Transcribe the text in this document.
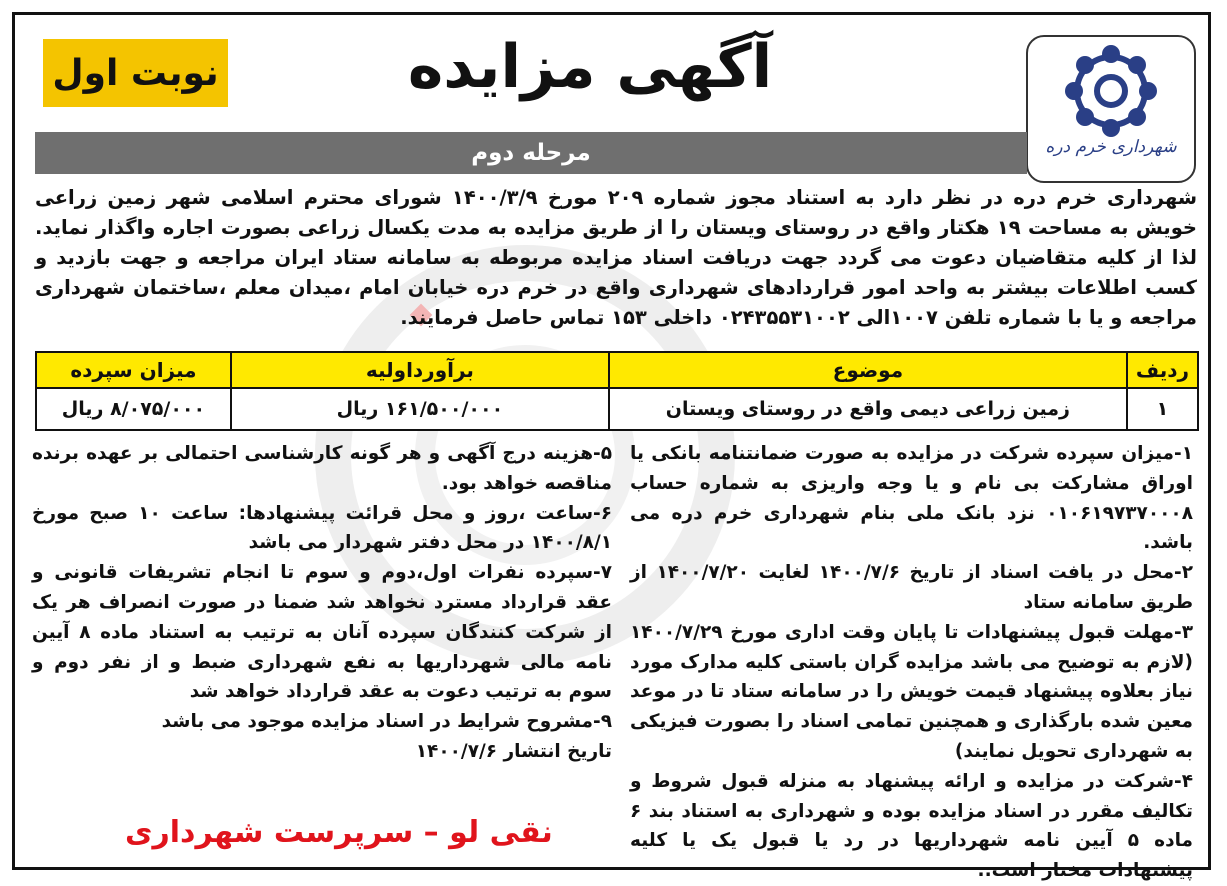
شهرداری خرم دره
آگهی مزایده
نوبت اول
مرحله دوم
شهرداری خرم دره در نظر دارد به استناد مجوز شماره ۲۰۹ مورخ ۱۴۰۰/۳/۹ شورای محترم اسلامی شهر زمین زراعی خویش به مساحت ۱۹ هکتار واقع در روستای ویستان را از طریق مزایده به مدت یکسال زراعی بصورت اجاره واگذار نماید. لذا از کلیه متقاضیان دعوت می گردد جهت دریافت اسناد مزایده مربوطه به سامانه ستاد ایران مراجعه و جهت بازدید و کسب اطلاعات بیشتر به واحد امور قراردادهای شهرداری واقع در خرم دره خیابان امام ،میدان معلم ،ساختمان شهرداری مراجعه و یا با شماره تلفن ۱۰۰۷الی ۰۲۴۳۵۵۳۱۰۰۲ داخلی ۱۵۳ تماس حاصل فرمایند.
ردیف	موضوع	برآورداولیه	میزان سپرده
۱	زمین زراعی دیمی واقع در روستای ویستان	۱۶۱/۵۰۰/۰۰۰ ریال	۸/۰۷۵/۰۰۰ ریال

۱-میزان سپرده شرکت در مزایده به صورت ضمانتنامه بانکی یا اوراق مشارکت بی نام و یا وجه واریزی به شماره حساب ۰۱۰۶۱۹۷۳۷۰۰۰۸ نزد بانک ملی بنام شهرداری خرم دره می باشد.

۲-محل در یافت اسناد از تاریخ ۱۴۰۰/۷/۶ لغایت ۱۴۰۰/۷/۲۰ از طریق سامانه ستاد

۳-مهلت قبول پیشنهادات تا پایان وقت اداری مورخ ۱۴۰۰/۷/۲۹ (لازم به توضیح می باشد مزایده گران باستی کلیه مدارک مورد نیاز بعلاوه پیشنهاد قیمت خویش را در سامانه ستاد تا در موعد معین شده بارگذاری و همچنین تمامی اسناد را بصورت فیزیکی به شهرداری تحویل نمایند)

۴-شرکت در مزایده و ارائه پیشنهاد به منزله قبول شروط و تکالیف مقرر در اسناد مزایده بوده و شهرداری به استناد بند ۶ ماده ۵ آیین نامه شهرداریها در رد یا قبول یک یا کلیه پیشنهادات مختار است..

۵-هزینه درج آگهی و هر گونه کارشناسی احتمالی بر عهده برنده مناقصه خواهد بود.

۶-ساعت ،روز و محل قرائت پیشنهادها: ساعت ۱۰ صبح مورخ ۱۴۰۰/۸/۱ در محل دفتر شهردار می باشد

۷-سپرده نفرات اول،دوم و سوم تا انجام تشریفات قانونی و عقد قرارداد مسترد نخواهد شد ضمنا در صورت انصراف هر یک از شرکت کنندگان سپرده آنان به ترتیب به استناد ماده ۸ آیین نامه مالی شهرداریها به نفع شهرداری ضبط و از نفر دوم و سوم به ترتیب دعوت به عقد قرارداد خواهد شد

۹-مشروح شرایط در اسناد مزایده موجود می باشد

تاریخ انتشار ۱۴۰۰/۷/۶

نقی لو – سرپرست شهرداری
